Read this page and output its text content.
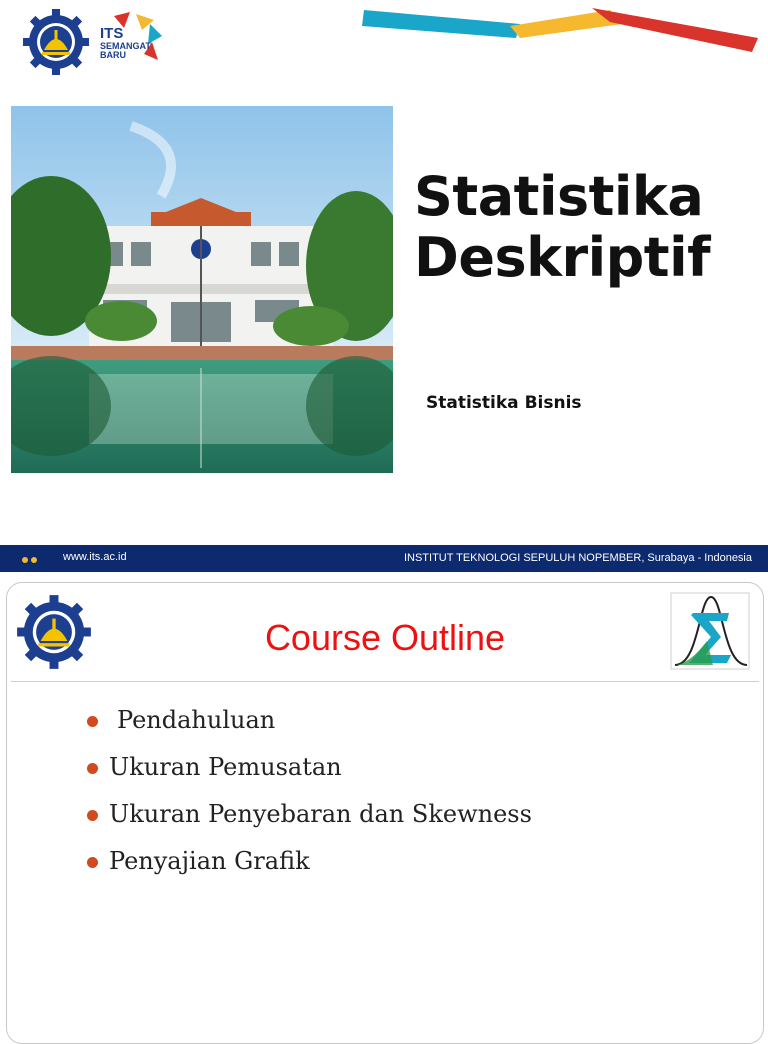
ITS
SEMANGAT
BARU
Statistika
Deskriptif
Statistika Bisnis
www.its.ac.id	INSTITUT TEKNOLOGI SEPULUH NOPEMBER, Surabaya - Indonesia
Course Outline
Pendahuluan
Ukuran Pemusatan
Ukuran Penyebaran dan Skewness
Penyajian Grafik
